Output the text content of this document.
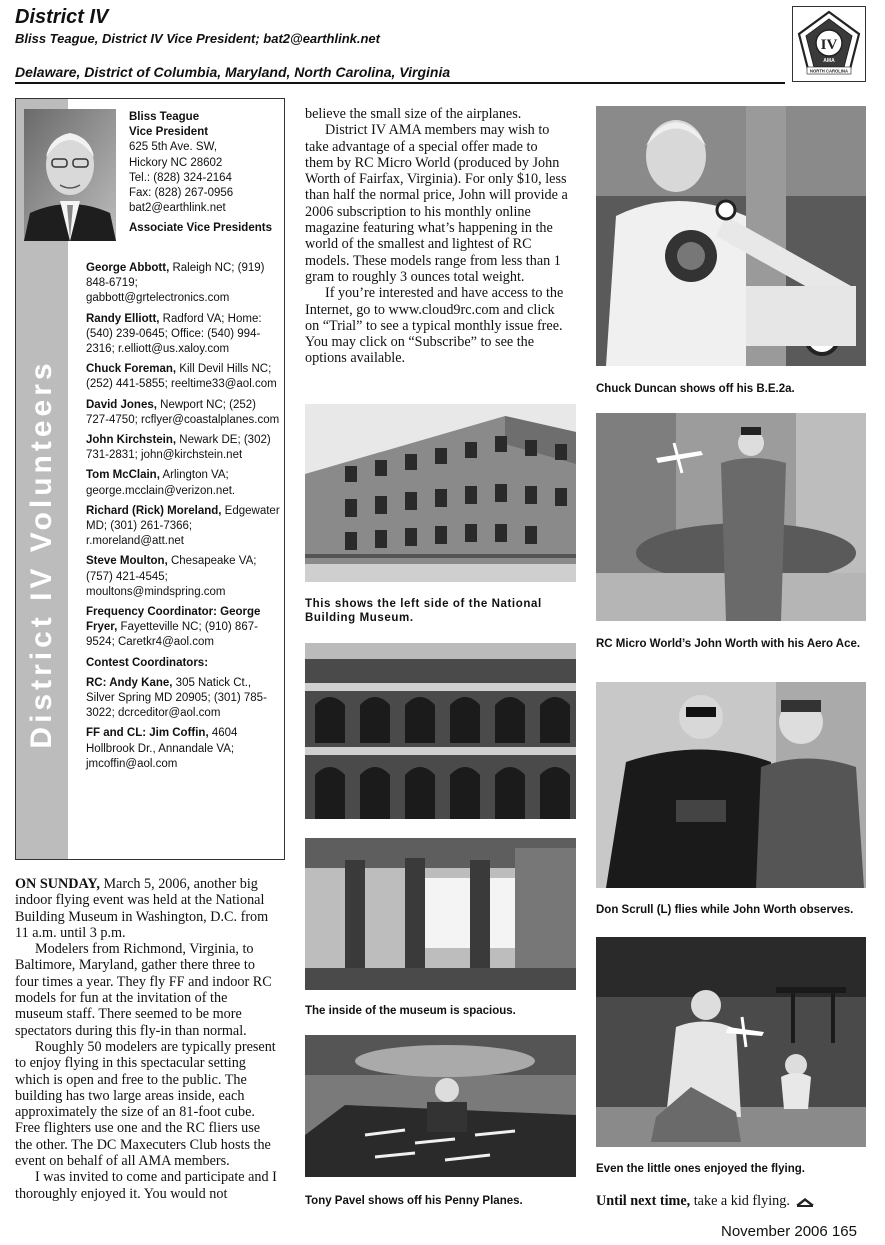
District IV
Bliss Teague, District IV Vice President; bat2@earthlink.net
Delaware, District of Columbia, Maryland, North Carolina, Virginia
IV
AMA
NORTH CAROLINA
District IV Volunteers
Bliss Teague
Vice President
625 5th Ave. SW,
Hickory NC 28602
Tel.: (828) 324-2164
Fax: (828) 267-0956
bat2@earthlink.net
Associate Vice Presidents
George Abbott, Raleigh NC; (919) 848-6719; gabbott@grtelectronics.com
Randy Elliott, Radford VA; Home: (540) 239-0645; Office: (540) 994-2316; r.elliott@us.xaloy.com
Chuck Foreman, Kill Devil Hills NC; (252) 441-5855; reeltime33@aol.com
David Jones, Newport NC; (252) 727-4750; rcflyer@coastalplanes.com
John Kirchstein, Newark DE; (302) 731-2831; john@kirchstein.net
Tom McClain, Arlington VA; george.mcclain@verizon.net.
Richard (Rick) Moreland, Edgewater MD; (301) 261-7366; r.moreland@att.net
Steve Moulton, Chesapeake VA; (757) 421-4545; moultons@mindspring.com
Frequency Coordinator: George Fryer, Fayetteville NC; (910) 867-9524; Caretkr4@aol.com
Contest Coordinators:
RC: Andy Kane, 305 Natick Ct., Silver Spring MD 20905; (301) 785-3022; dcrceditor@aol.com
FF and CL: Jim Coffin, 4604 Hollbrook Dr., Annandale VA; jmcoffin@aol.com

ON SUNDAY, March 5, 2006, another big indoor flying event was held at the National Building Museum in Washington, D.C. from 11 a.m. until 3 p.m.

Modelers from Richmond, Virginia, to Baltimore, Maryland, gather there three to four times a year. They fly FF and indoor RC models for fun at the invitation of the museum staff. There seemed to be more spectators during this fly-in than normal.

Roughly 50 modelers are typically present to enjoy flying in this spectacular setting which is open and free to the public. The building has two large areas inside, each approximately the size of an 81-foot cube. Free flighters use one and the RC fliers use the other. The DC Maxecuters Club hosts the event on behalf of all AMA members.

I was invited to come and participate and I thoroughly enjoyed it. You would not

believe the small size of the airplanes.

District IV AMA members may wish to take advantage of a special offer made to them by RC Micro World (produced by John Worth of Fairfax, Virginia). For only $10, less than half the normal price, John will provide a 2006 subscription to his monthly online magazine featuring what’s happening in the world of the smallest and lightest of RC models. These models range from less than 1 gram to roughly 3 ounces total weight.

If you’re interested and have access to the Internet, go to www.cloud9rc.com and click on “Trial” to see a typical monthly issue free. You may click on “Subscribe” to see the options available.

This shows the left side of the National Building Museum.
The inside of the museum is spacious.
Tony Pavel shows off his Penny Planes.
Chuck Duncan shows off his B.E.2a.
RC Micro World’s John Worth with his Aero Ace.
Don Scrull (L) flies while John Worth observes.
Even the little ones enjoyed the flying.
Until next time, take a kid flying.
November 2006 165
